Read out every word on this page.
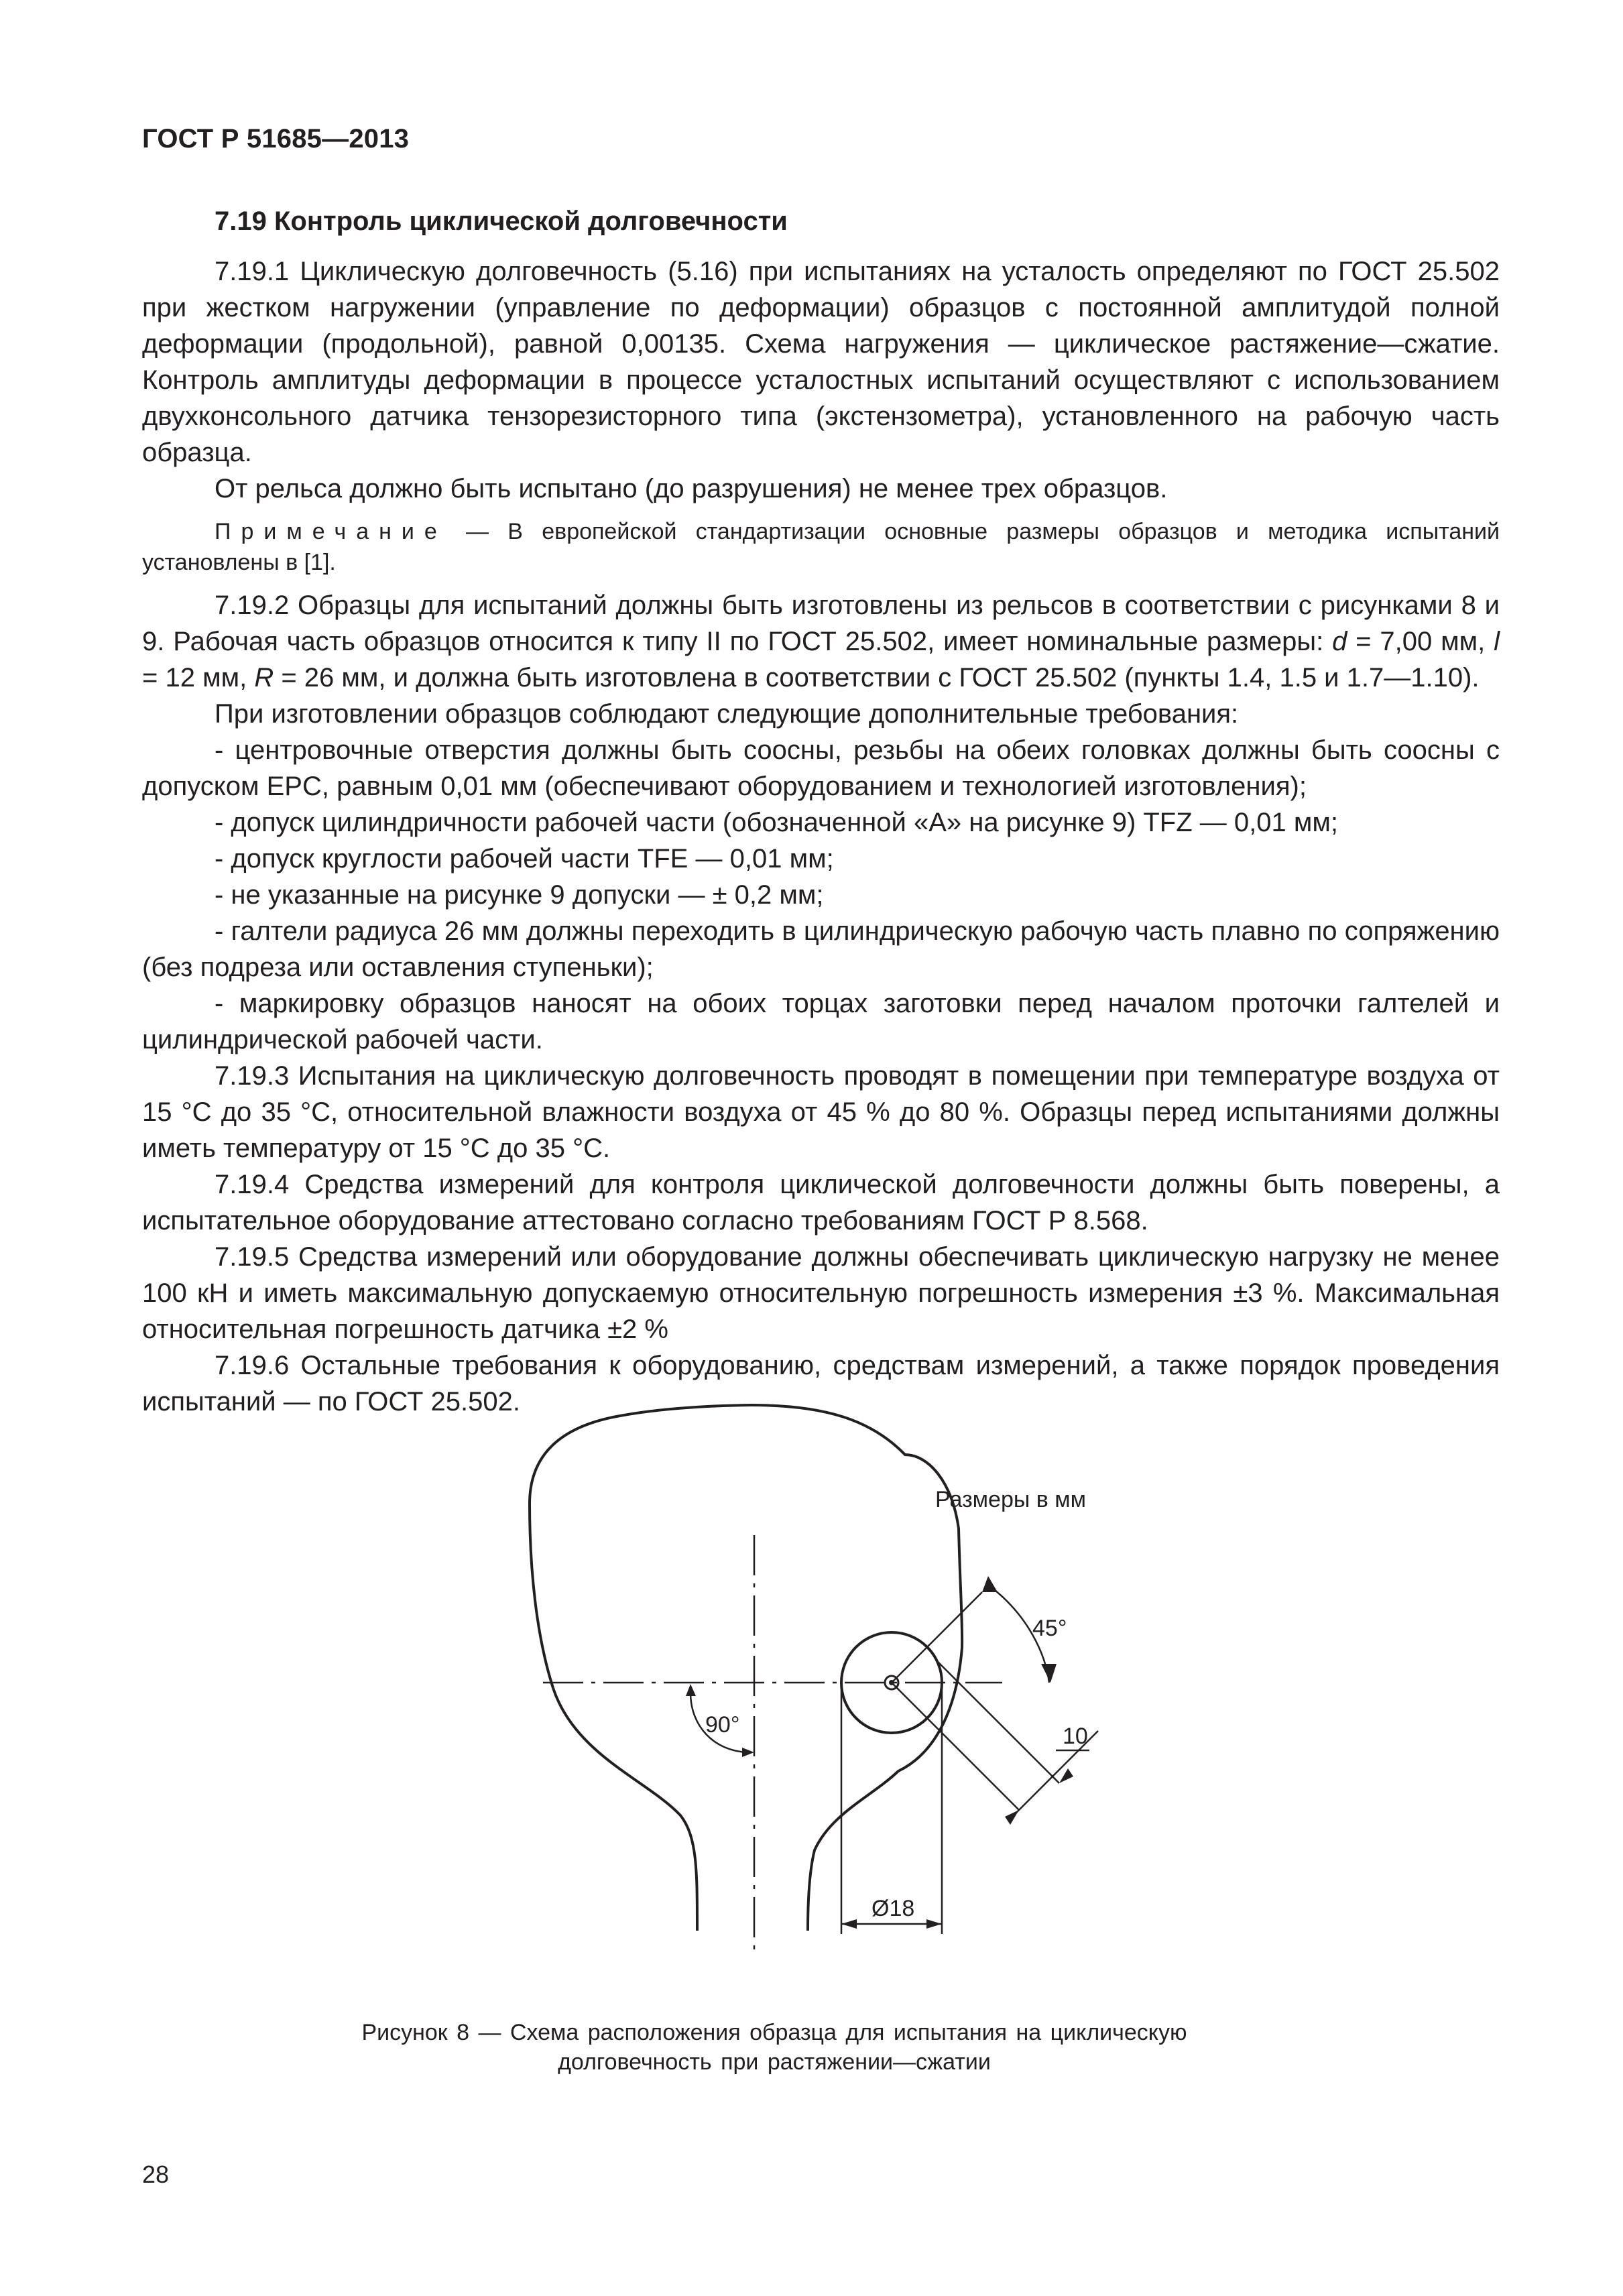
ГОСТ Р 51685—2013
7.19 Контроль циклической долговечности

7.19.1 Циклическую долговечность (5.16) при испытаниях на усталость определяют по ГОСТ 25.502 при жестком нагружении (управление по деформации) образцов с постоянной амплитудой полной деформации (продольной), равной 0,00135. Схема нагружения — циклическое растяжение—сжатие. Контроль амплитуды деформации в процессе усталостных испытаний осуществляют с использованием двухконсольного датчика тензорезисторного типа (экстензометра), установленного на рабочую часть образца.

От рельса должно быть испытано (до разрушения) не менее трех образцов.

Примечание — В европейской стандартизации основные размеры образцов и методика испытаний установлены в [1].

7.19.2 Образцы для испытаний должны быть изготовлены из рельсов в соответствии с рисунками 8 и 9. Рабочая часть образцов относится к типу II по ГОСТ 25.502, имеет номинальные размеры: d = 7,00 мм, l = 12 мм, R = 26 мм, и должна быть изготовлена в соответствии с ГОСТ 25.502 (пункты 1.4, 1.5 и 1.7—1.10).

При изготовлении образцов соблюдают следующие дополнительные требования:

- центровочные отверстия должны быть соосны, резьбы на обеих головках должны быть соосны с допуском EPC, равным 0,01 мм (обеспечивают оборудованием и технологией изготовления);

- допуск цилиндричности рабочей части (обозначенной «А» на рисунке 9) TFZ — 0,01 мм;

- допуск круглости рабочей части TFE — 0,01 мм;

- не указанные на рисунке 9 допуски — ± 0,2 мм;

- галтели радиуса 26 мм должны переходить в цилиндрическую рабочую часть плавно по сопряжению (без подреза или оставления ступеньки);

- маркировку образцов наносят на обоих торцах заготовки перед началом проточки галтелей и цилиндрической рабочей части.

7.19.3 Испытания на циклическую долговечность проводят в помещении при температуре воздуха от 15 °С до 35 °С, относительной влажности воздуха от 45 % до 80 %. Образцы перед испытаниями должны иметь температуру от 15 °С до 35 °С.

7.19.4 Средства измерений для контроля циклической долговечности должны быть поверены, а испытательное оборудование аттестовано согласно требованиям ГОСТ Р 8.568.

7.19.5 Средства измерений или оборудование должны обеспечивать циклическую нагрузку не менее 100 кН и иметь максимальную допускаемую относительную погрешность измерения ±3 %. Максимальная относительная погрешность датчика ±2 %

7.19.6 Остальные требования к оборудованию, средствам измерений, а также порядок проведения испытаний — по ГОСТ 25.502.

Размеры в мм
45°
90°	10
Ø18
Рисунок 8 — Схема расположения образца для испытания на циклическую
долговечность при растяжении—сжатии
28
